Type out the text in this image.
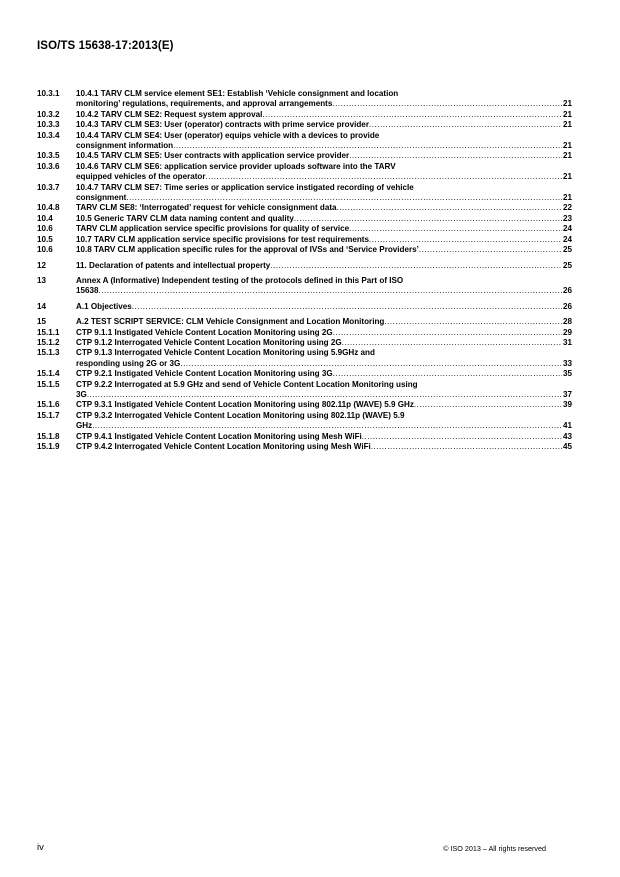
ISO/TS 15638-17:2013(E)
10.3.1	10.4.1 TARV CLM service element SE1: Establish ‘Vehicle consignment and location
monitoring’ regulations, requirements, and approval arrangements .....	21
10.3.2	10.4.2 TARV CLM SE2: Request system approval .....	21
10.3.3	10.4.3 TARV CLM SE3: User (operator) contracts with prime service provider .....	21
10.3.4	10.4.4 TARV CLM SE4: User (operator) equips vehicle with a devices to provide
consignment information .....	21
10.3.5	10.4.5 TARV CLM SE5: User contracts with application service provider .....	21
10.3.6	10.4.6 TARV CLM SE6: application service provider uploads software into the TARV
equipped vehicles of the operator .....	21
10.3.7	10.4.7 TARV CLM SE7: Time series or application service instigated recording of vehicle
consignment .....	21
10.4.8	TARV CLM SE8: ‘Interrogated’ request for vehicle consignment data .....	22
10.4	10.5 Generic TARV CLM data naming content and quality .....	23
10.6	TARV CLM application service specific provisions for quality of service .....	24
10.5	10.7 TARV CLM application service specific provisions for test requirements .....	24
10.6	10.8 TARV CLM application specific rules for the approval of IVSs and ‘Service Providers’ .....	25
12	11. Declaration of patents and intellectual property .....	25
13	Annex A (Informative) Independent testing of the protocols defined in this Part of ISO
15638 .....	26
14	A.1 Objectives .....	26
15	A.2 TEST SCRIPT SERVICE: CLM Vehicle Consignment and Location Monitoring .....	28
15.1.1	CTP 9.1.1 Instigated Vehicle Content Location Monitoring using 2G .....	29
15.1.2	CTP 9.1.2 Interrogated Vehicle Content Location Monitoring using 2G .....	31
15.1.3	CTP 9.1.3 Interrogated Vehicle Content Location Monitoring using 5.9GHz and
responding using 2G or 3G .....	33
15.1.4	CTP 9.2.1 Instigated Vehicle Content Location Monitoring using 3G .....	35
15.1.5	CTP 9.2.2 Interrogated at 5.9 GHz and send of Vehicle Content Location Monitoring using
3G .....	37
15.1.6	CTP 9.3.1 Instigated Vehicle Content Location Monitoring using 802.11p (WAVE) 5.9 GHz .....	39
15.1.7	CTP 9.3.2 Interrogated Vehicle Content Location Monitoring using 802.11p (WAVE) 5.9
GHz .....	41
15.1.8	CTP 9.4.1 Instigated Vehicle Content Location Monitoring using Mesh WiFi .....	43
15.1.9	CTP 9.4.2 Interrogated Vehicle Content Location Monitoring using Mesh WiFi .....	45
iv	© ISO 2013 – All rights reserved
